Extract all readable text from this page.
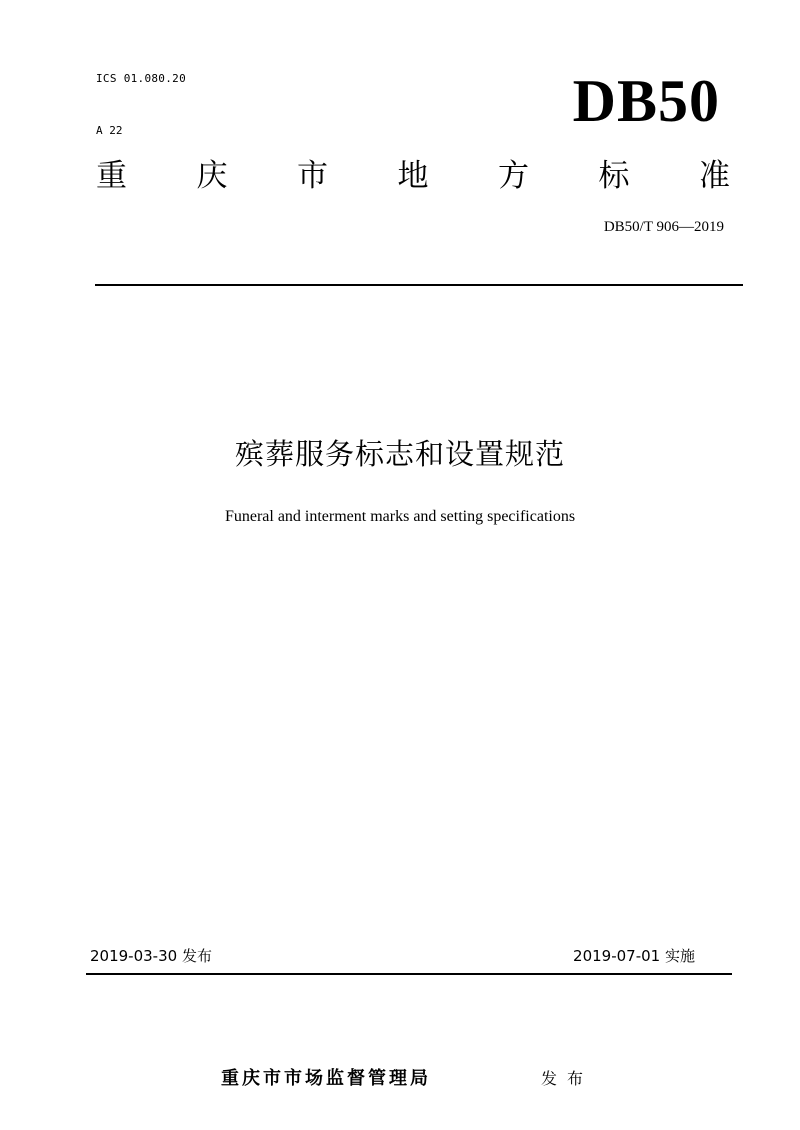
ICS 01.080.20
A 22	DB50
重 庆 市 地 方 标 准
DB50/T 906—2019
殡葬服务标志和设置规范
Funeral and interment marks and setting specifications
2019-03-30 发布	2019-07-01 实施
重庆市市场监督管理局	发布
